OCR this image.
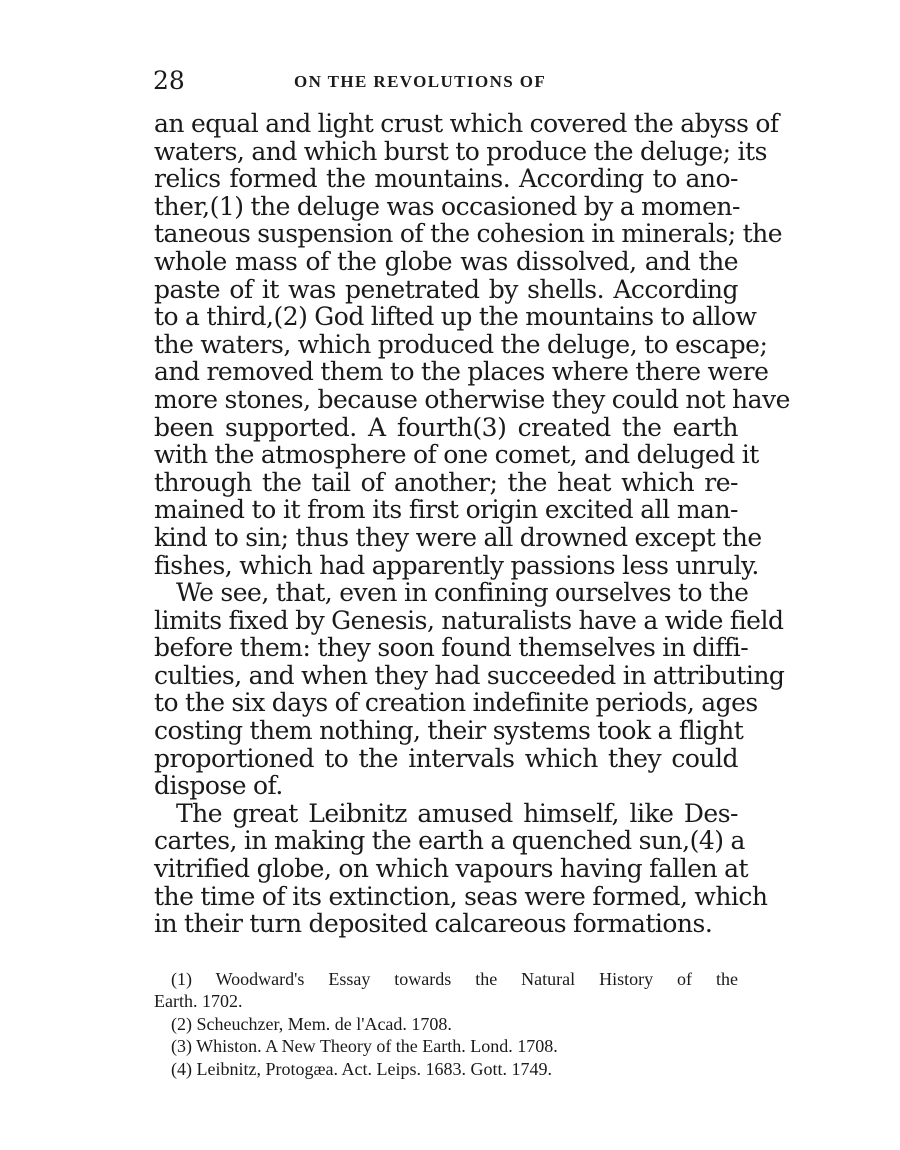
28	ON THE REVOLUTIONS OF
an equal and light crust which covered the abyss of
waters, and which burst to produce the deluge; its
relics formed the mountains. According to ano-
ther,(1) the deluge was occasioned by a momen-
taneous suspension of the cohesion in minerals; the
whole mass of the globe was dissolved, and the
paste of it was penetrated by shells. According
to a third,(2) God lifted up the mountains to allow
the waters, which produced the deluge, to escape;
and removed them to the places where there were
more stones, because otherwise they could not have
been supported. A fourth(3) created the earth
with the atmosphere of one comet, and deluged it
through the tail of another; the heat which re-
mained to it from its first origin excited all man-
kind to sin; thus they were all drowned except the
fishes, which had apparently passions less unruly.
We see, that, even in confining ourselves to the
limits fixed by Genesis, naturalists have a wide field
before them: they soon found themselves in diffi-
culties, and when they had succeeded in attributing
to the six days of creation indefinite periods, ages
costing them nothing, their systems took a flight
proportioned to the intervals which they could
dispose of.
The great Leibnitz amused himself, like Des-
cartes, in making the earth a quenched sun,(4) a
vitrified globe, on which vapours having fallen at
the time of its extinction, seas were formed, which
in their turn deposited calcareous formations.
(1) Woodward's Essay towards the Natural History of the
Earth. 1702.
(2) Scheuchzer, Mem. de l'Acad. 1708.
(3) Whiston. A New Theory of the Earth. Lond. 1708.
(4) Leibnitz, Protogæa. Act. Leips. 1683. Gott. 1749.
